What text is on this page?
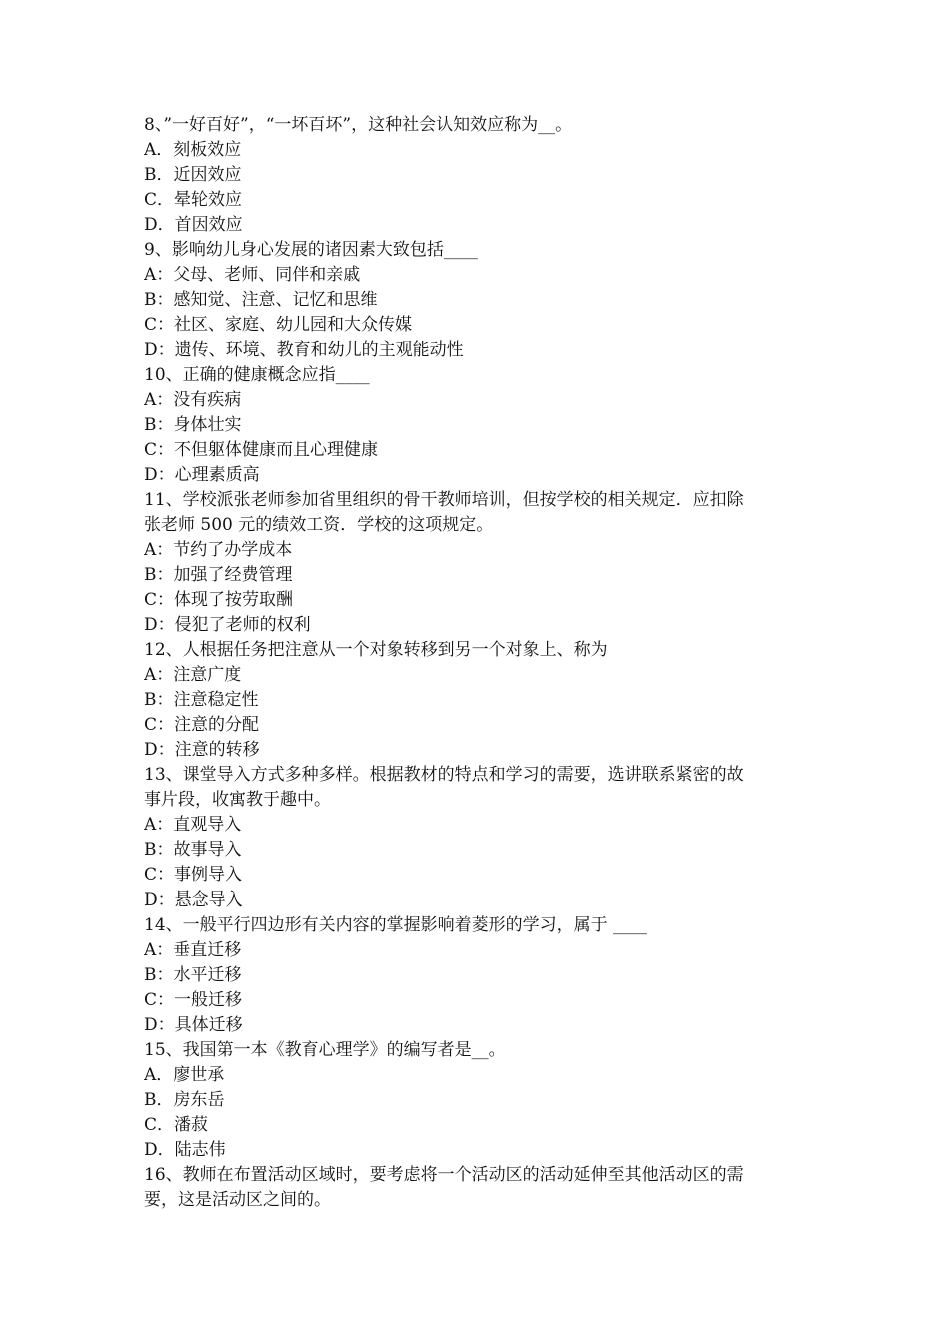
8、”一好百好”，“一坏百坏”，这种社会认知效应称为__。
A．刻板效应
B．近因效应
C．晕轮效应
D．首因效应
9、影响幼儿身心发展的诸因素大致包括____
A：父母、老师、同伴和亲戚
B：感知觉、注意、记忆和思维
C：社区、家庭、幼儿园和大众传媒
D：遗传、环境、教育和幼儿的主观能动性
10、正确的健康概念应指____
A：没有疾病
B：身体壮实
C：不但躯体健康而且心理健康
D：心理素质高
11、学校派张老师参加省里组织的骨干教师培训，但按学校的相关规定．应扣除
张老师 500 元的绩效工资．学校的这项规定。
A：节约了办学成本
B：加强了经费管理
C：体现了按劳取酬
D：侵犯了老师的权利
12、人根据任务把注意从一个对象转移到另一个对象上、称为
A：注意广度
B：注意稳定性
C：注意的分配
D：注意的转移
13、课堂导入方式多种多样。根据教材的特点和学习的需要，选讲联系紧密的故
事片段，收寓教于趣中。
A：直观导入
B：故事导入
C：事例导入
D：悬念导入
14、一般平行四边形有关内容的掌握影响着菱形的学习，属于 ____
A：垂直迁移
B：水平迁移
C：一般迁移
D：具体迁移
15、我国第一本《教育心理学》的编写者是__。
A．廖世承
B．房东岳
C．潘菽
D．陆志伟
16、教师在布置活动区域时，要考虑将一个活动区的活动延伸至其他活动区的需
要，这是活动区之间的。
